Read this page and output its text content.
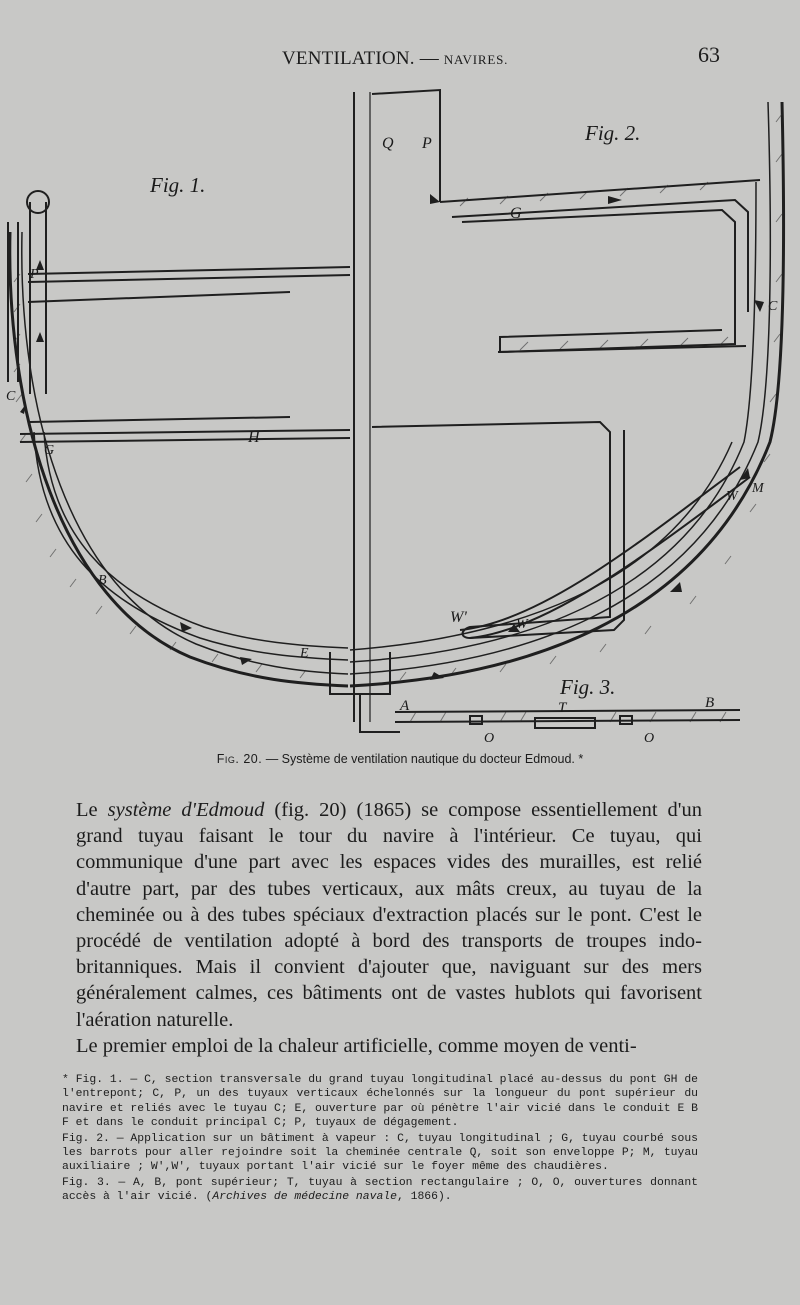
VENTILATION. — NAVIRES.	63
Fig. 1.
Fig. 2.
Fig. 3.
P
C
G
H
B
E
Q P
G
C
W
M
W'	W
A	B
T
O	O
Fig. 20. — Système de ventilation nautique du docteur Edmoud. *

Le système d'Edmoud (fig. 20) (1865) se compose essentiellement d'un grand tuyau faisant le tour du navire à l'intérieur. Ce tuyau, qui communique d'une part avec les espaces vides des murailles, est relié d'autre part, par des tubes verticaux, aux mâts creux, au tuyau de la cheminée ou à des tubes spéciaux d'extraction placés sur le pont. C'est le procédé de ventilation adopté à bord des transports de troupes indo-britanniques. Mais il convient d'ajouter que, naviguant sur des mers généralement calmes, ces bâtiments ont de vastes hublots qui favorisent l'aération naturelle.

Le premier emploi de la chaleur artificielle, comme moyen de venti-

* Fig. 1. — C, section transversale du grand tuyau longitudinal placé au-dessus du pont GH de l'entrepont; C, P, un des tuyaux verticaux échelonnés sur la longueur du pont supérieur du navire et reliés avec le tuyau C; E, ouverture par où pénètre l'air vicié dans le conduit E B F et dans le conduit principal C; P, tuyaux de dégagement.

Fig. 2. — Application sur un bâtiment à vapeur : C, tuyau longitudinal ; G, tuyau courbé sous les barrots pour aller rejoindre soit la cheminée centrale Q, soit son enveloppe P; M, tuyau auxiliaire ; W',W', tuyaux portant l'air vicié sur le foyer même des chaudières.

Fig. 3. — A, B, pont supérieur; T, tuyau à section rectangulaire ; O, O, ouvertures donnant accès à l'air vicié. (Archives de médecine navale, 1866).
